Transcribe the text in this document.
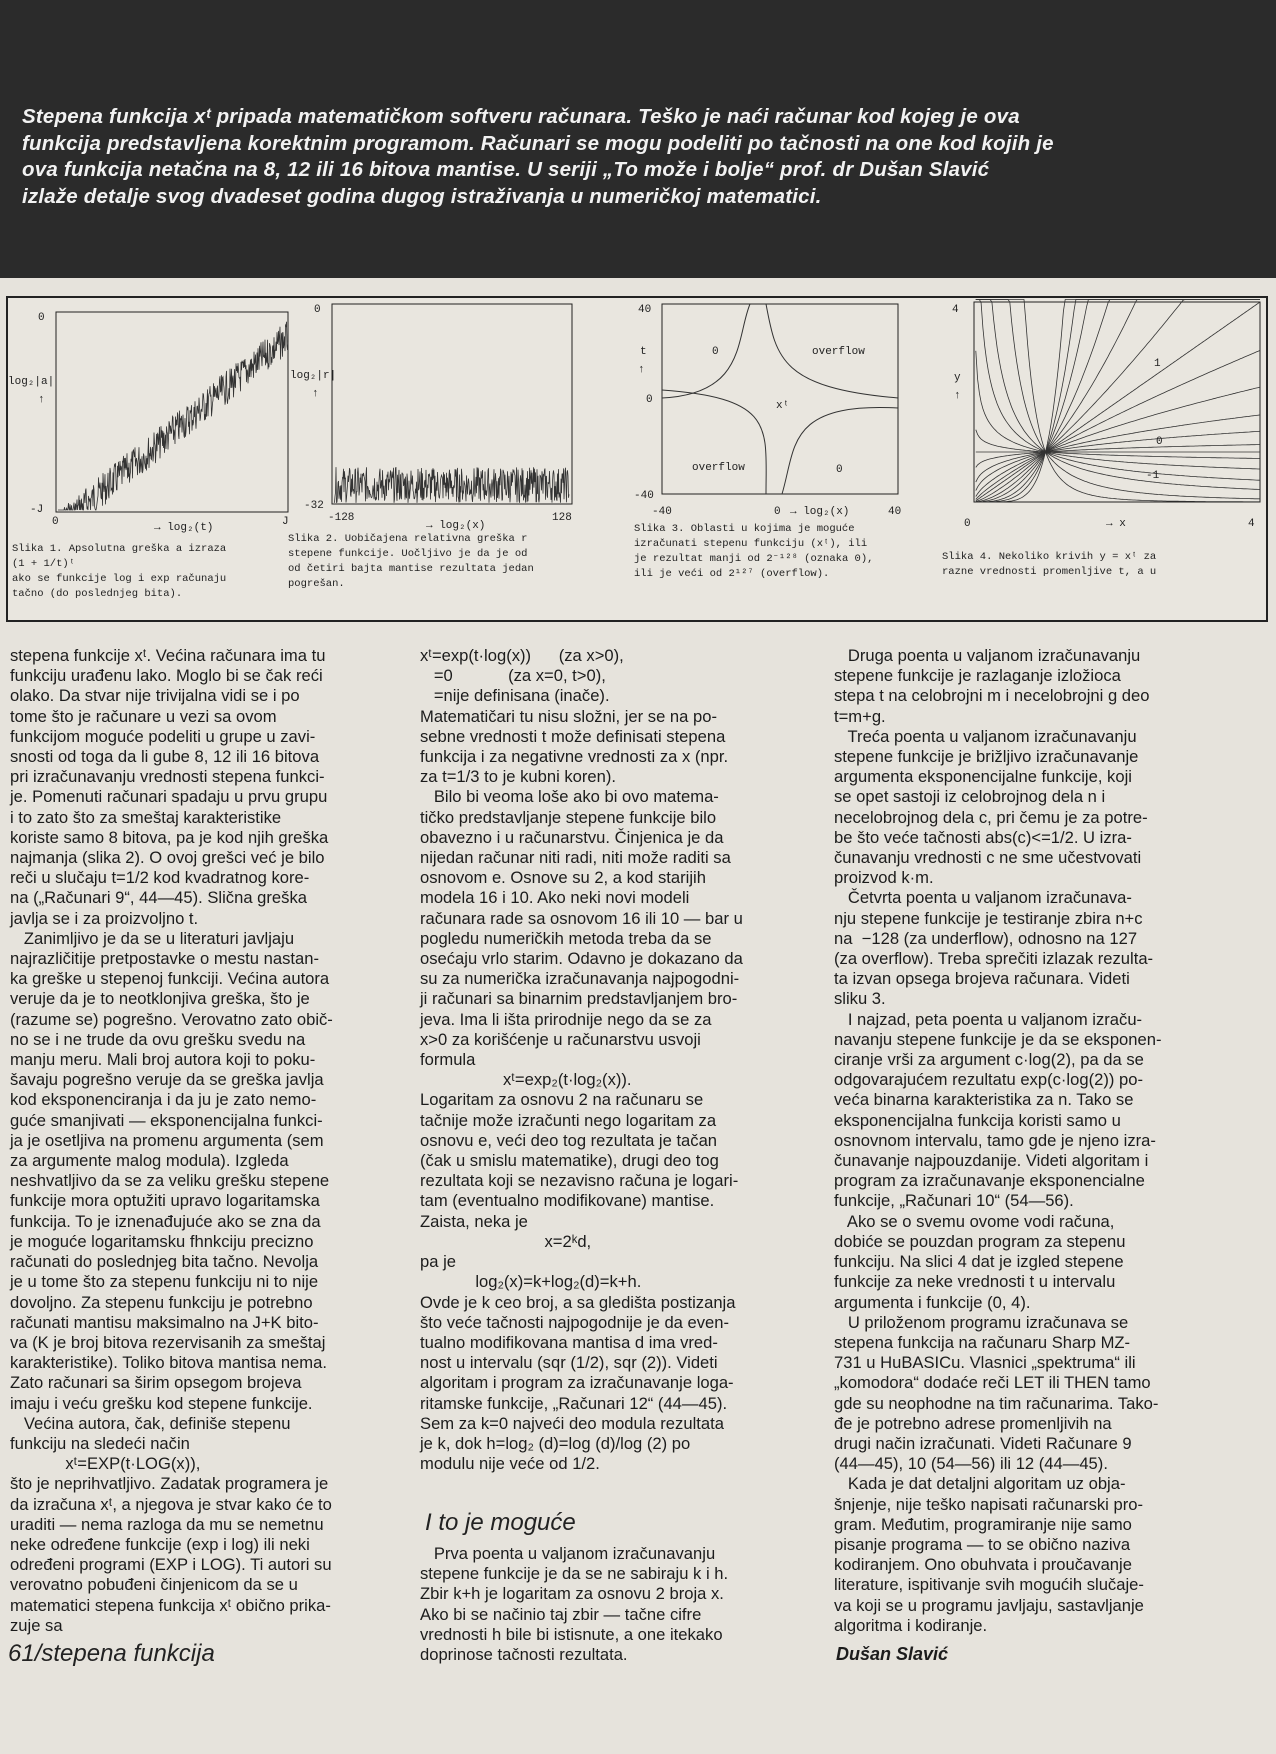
Stepena funkcija xᵗ pripada matematičkom softveru računara. Teško je naći računar kod kojeg je ova
funkcija predstavljena korektnim programom. Računari se mogu podeliti po tačnosti na one kod kojih je
ova funkcija netačna na 8, 12 ili 16 bitova mantise. U seriji „To može i bolje“ prof. dr Dušan Slavić
izlaže detalje svog dvadeset godina dugog istraživanja u numeričkoj matematici.
0
-J
log₂|a|
↑
0	J
→ log₂(t)
Slika 1. Apsolutna greška a izraza
(1 + 1/t)ᵗ
ako se funkcije log i exp računaju
tačno (do poslednjeg bita).
0
-32
log₂|r|
↑
-128	128
→ log₂(x)
Slika 2. Uobičajena relativna greška r
stepene funkcije. Uočljivo je da je od
od četiri bajta mantise rezultata jedan
pogrešan.
40
0
-40
t
↑
0	overflow
xᵗ
overflow	0
-40	0	40
→ log₂(x)
Slika 3. Oblasti u kojima je moguće
izračunati stepenu funkciju (xᵗ), ili
je rezultat manji od 2⁻¹²⁸ (oznaka 0),
ili je veći od 2¹²⁷ (overflow).
4
y
↑
1
0
-1
0	4
→ x
Slika 4. Nekoliko krivih y = xᵗ za
razne vrednosti promenljive t, a u
stepena funkcije xᵗ. Većina računara ima tu
funkciju urađenu lako. Moglo bi se čak reći
olako. Da stvar nije trivijalna vidi se i po
tome što je računare u vezi sa ovom
funkcijom moguće podeliti u grupe u zavi-
snosti od toga da li gube 8, 12 ili 16 bitova
pri izračunavanju vrednosti stepena funkci-
je. Pomenuti računari spadaju u prvu grupu
i to zato što za smeštaj karakteristike
koriste samo 8 bitova, pa je kod njih greška
najmanja (slika 2). O ovoj grešci već je bilo
reči u slučaju t=1/2 kod kvadratnog kore-
na („Računari 9“, 44—45). Slična greška
javlja se i za proizvoljno t.
Zanimljivo je da se u literaturi javljaju
najrazličitije pretpostavke o mestu nastan-
ka greške u stepenoj funkciji. Većina autora
veruje da je to neotklonjiva greška, što je
(razume se) pogrešno. Verovatno zato obič-
no se i ne trude da ovu grešku svedu na
manju meru. Mali broj autora koji to poku-
šavaju pogrešno veruje da se greška javlja
kod eksponenciranja i da ju je zato nemo-
guće smanjivati — eksponencijalna funkci-
ja je osetljiva na promenu argumenta (sem
za argumente malog modula). Izgleda
neshvatljivo da se za veliku grešku stepene
funkcije mora optužiti upravo logaritamska
funkcija. To je iznenađujuće ako se zna da
je moguće logaritamsku fhnkciju precizno
računati do poslednjeg bita tačno. Nevolja
je u tome što za stepenu funkciju ni to nije
dovoljno. Za stepenu funkciju je potrebno
računati mantisu maksimalno na J+K bito-
va (K je broj bitova rezervisanih za smeštaj
karakteristike). Toliko bitova mantisa nema.
Zato računari sa širim opsegom brojeva
imaju i veću grešku kod stepene funkcije.
Većina autora, čak, definiše stepenu
funkciju na sledeći način
xᵗ=EXP(t·LOG(x)),
što je neprihvatljivo. Zadatak programera je
da izračuna xᵗ, a njegova je stvar kako će to
uraditi — nema razloga da mu se nemetnu
neke određene funkcije (exp i log) ili neki
određeni programi (EXP i LOG). Ti autori su
verovatno pobuđeni činjenicom da se u
matematici stepena funkcija xᵗ obično prika-
zuje sa
xᵗ=exp(t·log(x))      (za x>0),
=0            (za x=0, t>0),
=nije definisana (inače).
Matematičari tu nisu složni, jer se na po-
sebne vrednosti t može definisati stepena
funkcija i za negativne vrednosti za x (npr.
za t=1/3 to je kubni koren).
Bilo bi veoma loše ako bi ovo matema-
tičko predstavljanje stepene funkcije bilo
obavezno i u računarstvu. Činjenica je da
nijedan računar niti radi, niti može raditi sa
osnovom e. Osnove su 2, a kod starijih
modela 16 i 10. Ako neki novi modeli
računara rade sa osnovom 16 ili 10 — bar u
pogledu numeričkih metoda treba da se
osećaju vrlo starim. Odavno je dokazano da
su za numerička izračunavanja najpogodni-
ji računari sa binarnim predstavljanjem bro-
jeva. Ima li išta prirodnije nego da se za
x>0 za korišćenje u računarstvu usvoji
formula
xᵗ=exp₂(t·log₂(x)).
Logaritam za osnovu 2 na računaru se
tačnije može izračunti nego logaritam za
osnovu e, veći deo tog rezultata je tačan
(čak u smislu matematike), drugi deo tog
rezultata koji se nezavisno računa je logari-
tam (eventualno modifikovane) mantise.
Zaista, neka je
x=2ᵏd,
pa je
log₂(x)=k+log₂(d)=k+h.
Ovde je k ceo broj, a sa gledišta postizanja
što veće tačnosti najpogodnije je da even-
tualno modifikovana mantisa d ima vred-
nost u intervalu (sqr (1/2), sqr (2)). Videti
algoritam i program za izračunavanje loga-
ritamske funkcije, „Računari 12“ (44—45).
Sem za k=0 najveći deo modula rezultata
je k, dok h=log₂ (d)=log (d)/log (2) po
modulu nije veće od 1/2.
I to je moguće
Prva poenta u valjanom izračunavanju
stepene funkcije je da se ne sabiraju k i h.
Zbir k+h je logaritam za osnovu 2 broja x.
Ako bi se načinio taj zbir — tačne cifre
vrednosti h bile bi istisnute, a one itekako
doprinose tačnosti rezultata.
Druga poenta u valjanom izračunavanju
stepene funkcije je razlaganje izložioca
stepa t na celobrojni m i necelobrojni g deo
t=m+g.
Treća poenta u valjanom izračunavanju
stepene funkcije je brižljivo izračunavanje
argumenta eksponencijalne funkcije, koji
se opet sastoji iz celobrojnog dela n i
necelobrojnog dela c, pri čemu je za potre-
be što veće tačnosti abs(c)<=1/2. U izra-
čunavanju vrednosti c ne sme učestvovati
proizvod k·m.
Četvrta poenta u valjanom izračunava-
nju stepene funkcije je testiranje zbira n+c
na  −128 (za underflow), odnosno na 127
(za overflow). Treba sprečiti izlazak rezulta-
ta izvan opsega brojeva računara. Videti
sliku 3.
I najzad, peta poenta u valjanom izraču-
navanju stepene funkcije je da se eksponen-
ciranje vrši za argument c·log(2), pa da se
odgovarajućem rezultatu exp(c·log(2)) po-
veća binarna karakteristika za n. Tako se
eksponencijalna funkcija koristi samo u
osnovnom intervalu, tamo gde je njeno izra-
čunavanje najpouzdanije. Videti algoritam i
program za izračunavanje eksponencialne
funkcije, „Računari 10“ (54—56).
Ako se o svemu ovome vodi računa,
dobiće se pouzdan program za stepenu
funkciju. Na slici 4 dat je izgled stepene
funkcije za neke vrednosti t u intervalu
argumenta i funkcije (0, 4).
U priloženom programu izračunava se
stepena funkcija na računaru Sharp MZ-
731 u HuBASICu. Vlasnici „spektruma“ ili
„komodora“ dodaće reči LET ili THEN tamo
gde su neophodne na tim računarima. Tako-
đe je potrebno adrese promenljivih na
drugi način izračunati. Videti Računare 9
(44—45), 10 (54—56) ili 12 (44—45).
Kada je dat detaljni algoritam uz obja-
šnjenje, nije teško napisati računarski pro-
gram. Međutim, programiranje nije samo
pisanje programa — to se obično naziva
kodiranjem. Ono obuhvata i proučavanje
literature, ispitivanje svih mogućih slučaje-
va koji se u programu javljaju, sastavljanje
algoritma i kodiranje.
61/stepena funkcija	Dušan Slavić
